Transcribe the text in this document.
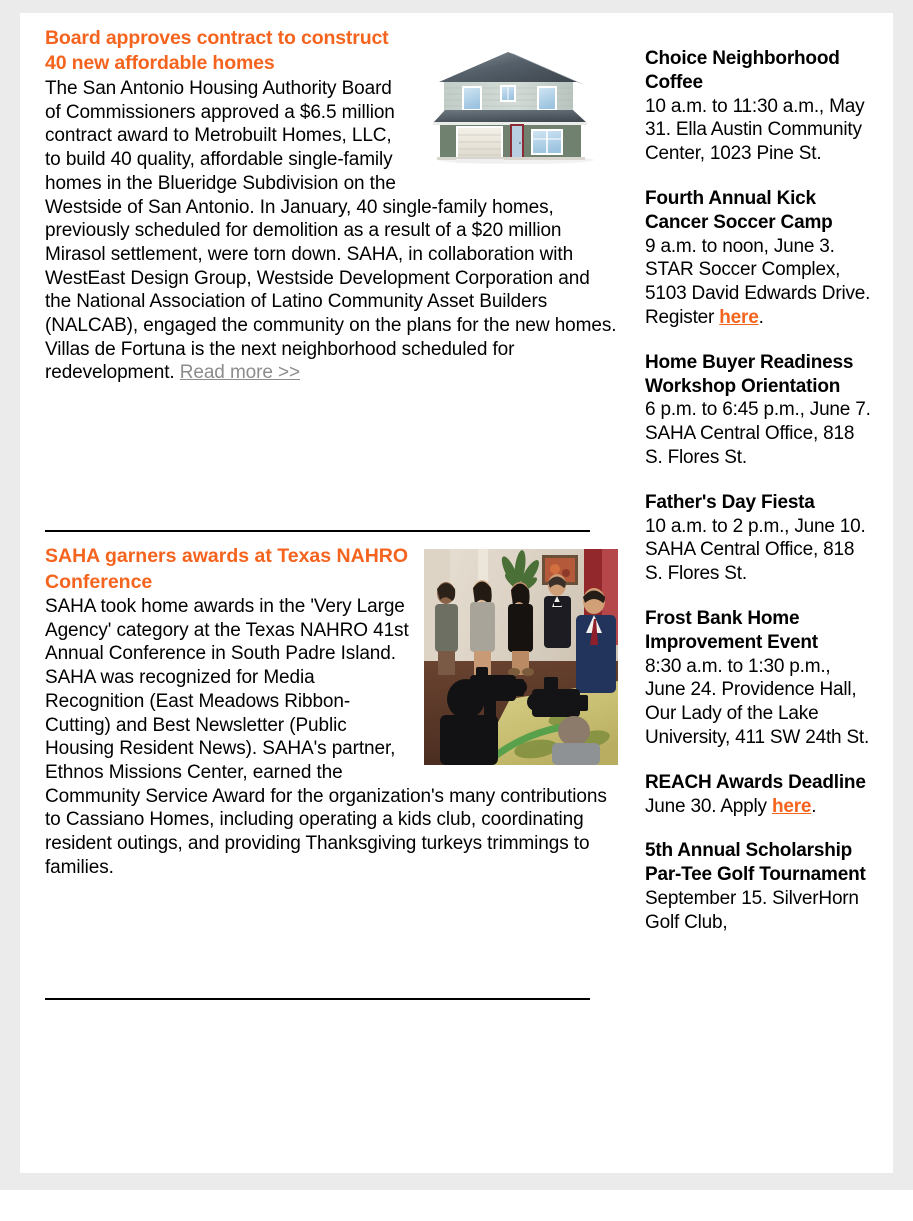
Board approves contract to construct 40 new affordable homes

The San Antonio Housing Authority Board of Commissioners approved a $6.5 million contract award to Metrobuilt Homes, LLC, to build 40 quality, affordable single-family homes in the Blueridge Subdivision on the Westside of San Antonio. In January, 40 single-family homes, previously scheduled for demolition as a result of a $20 million Mirasol settlement, were torn down. SAHA, in collaboration with WestEast Design Group, Westside Development Corporation and the National Association of Latino Community Asset Builders (NALCAB), engaged the community on the plans for the new homes. Villas de Fortuna is the next neighborhood scheduled for redevelopment. Read more >>

SAHA garners awards at Texas NAHRO Conference

SAHA took home awards in the 'Very Large Agency' category at the Texas NAHRO 41st Annual Conference in South Padre Island. SAHA was recognized for Media Recognition (East Meadows Ribbon-Cutting) and Best Newsletter (Public Housing Resident News). SAHA's partner, Ethnos Missions Center, earned the Community Service Award for the organization's many contributions to Cassiano Homes, including operating a kids club, coordinating resident outings, and providing Thanksgiving turkeys trimmings to families.

Choice Neighborhood Coffee
10 a.m. to 11:30 a.m., May 31. Ella Austin Community Center, 1023 Pine St.
Fourth Annual Kick Cancer Soccer Camp
9 a.m. to noon, June 3. STAR Soccer Complex, 5103 David Edwards Drive. Register here.
Home Buyer Readiness Workshop Orientation
6 p.m. to 6:45 p.m., June 7. SAHA Central Office, 818 S. Flores St.
Father's Day Fiesta
10 a.m. to 2 p.m., June 10. SAHA Central Office, 818 S. Flores St.
Frost Bank Home Improvement Event
8:30 a.m. to 1:30 p.m., June 24. Providence Hall, Our Lady of the Lake University, 411 SW 24th St.
REACH Awards Deadline
June 30. Apply here.
5th Annual Scholarship Par-Tee Golf Tournament
September 15. SilverHorn Golf Club,
